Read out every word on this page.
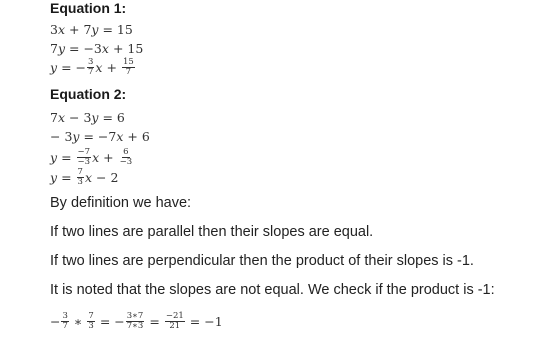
Equation 1:

3 x + 7 y = 15
7 y = −3 x + 15
y = − $\frac{3}{7}$ $x + \frac{15}{7}$

Equation 2:

7 x − 3 y = 6
− 3 y = −7 x + 6
$y = \frac{-7}{-3}$ $x + \frac{6}{-3}$
$y = \frac{7}{3}$ x − 2

By definition we have:

If two lines are parallel then their slopes are equal.

If two lines are perpendicular then the product of their slopes is -1.

It is noted that the slopes are not equal. We check if the product is -1:

− $\frac{3}{7}$ ∗ $\frac{7}{3}$ = − $\frac{3∗7}{7∗3} = \frac{-21}{21} = -1$
